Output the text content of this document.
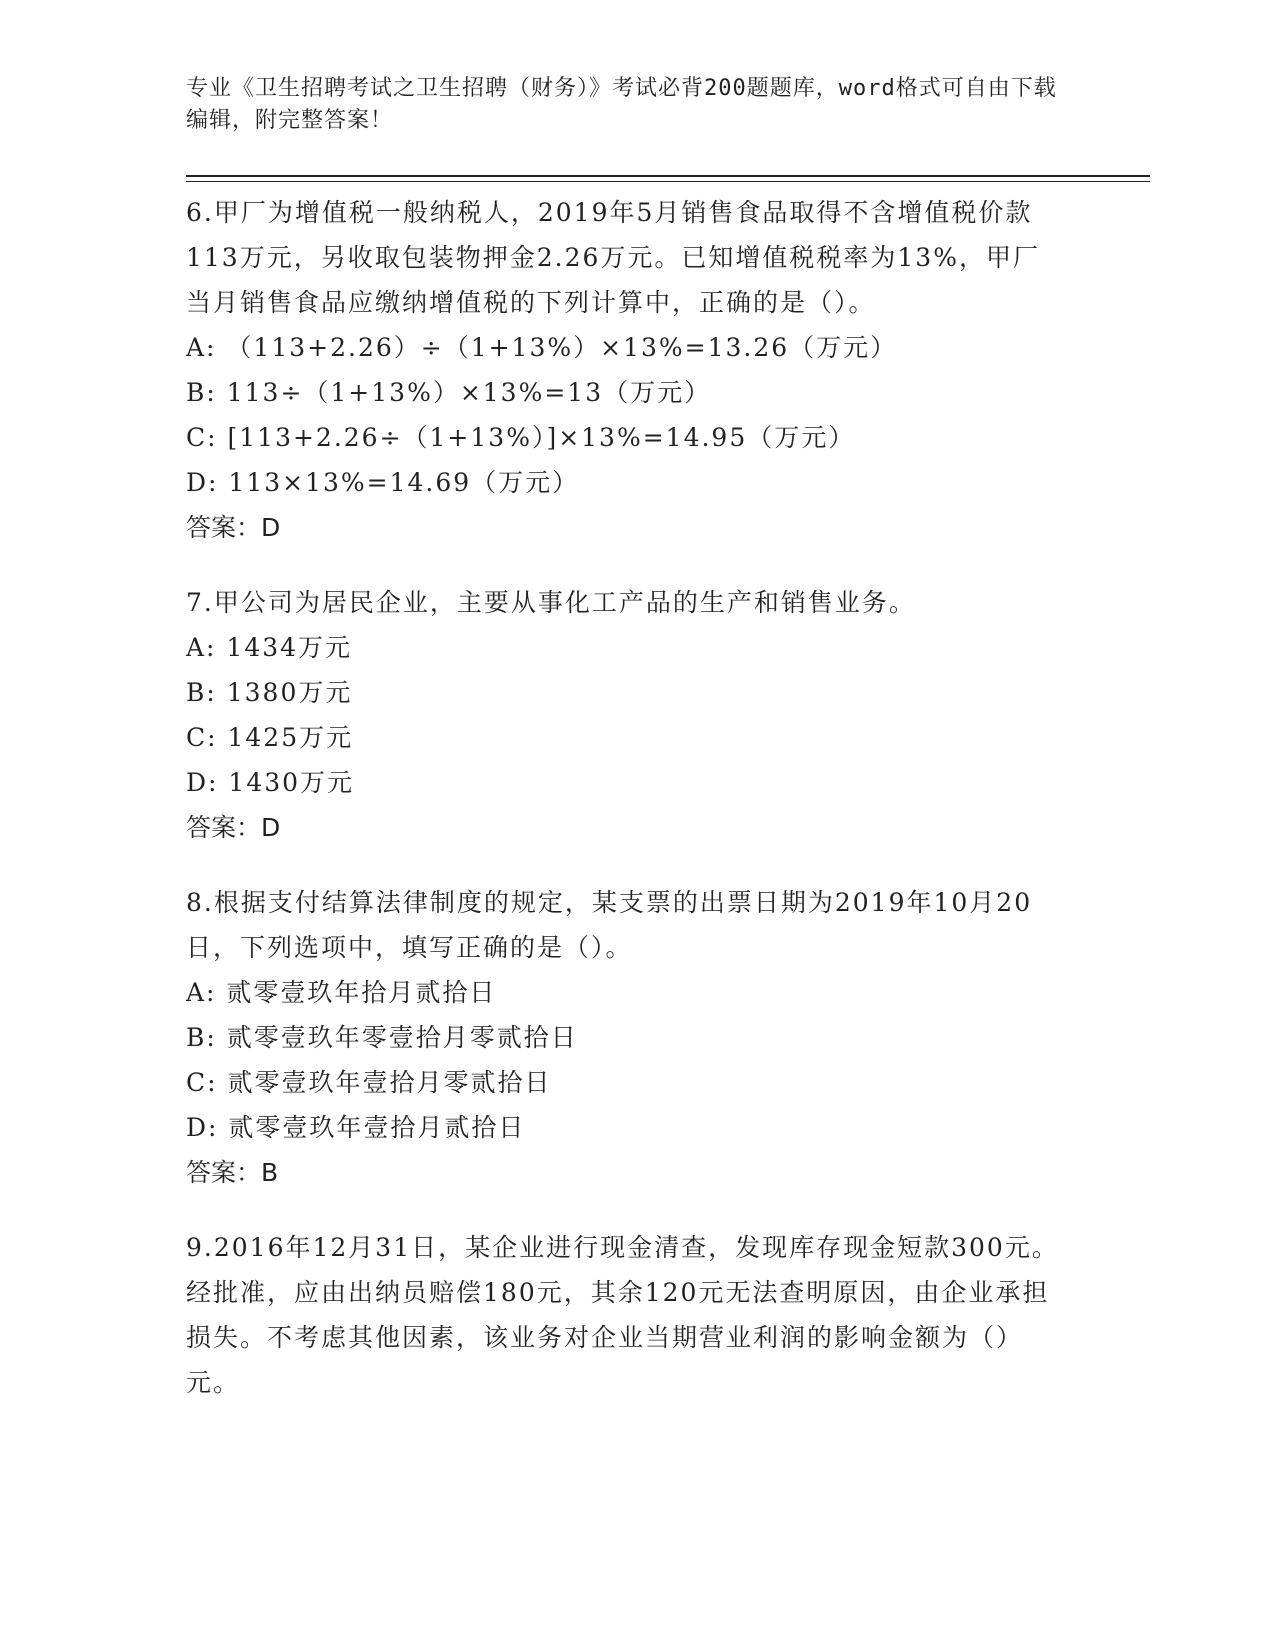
专业《卫生招聘考试之卫生招聘（财务）》考试必背200题题库，word格式可自由下载编辑，附完整答案！
6.甲厂为增值税一般纳税人，2019年5月销售食品取得不含增值税价款113万元，另收取包装物押金2.26万元。已知增值税税率为13%，甲厂当月销售食品应缴纳增值税的下列计算中，正确的是（）。
A: （113+2.26）÷（1+13%）×13%=13.26（万元）
B: 113÷（1+13%）×13%=13（万元）
C: [113+2.26÷（1+13%）]×13%=14.95（万元）
D: 113×13%=14.69（万元）
答案：D
7.甲公司为居民企业，主要从事化工产品的生产和销售业务。
A: 1434万元
B: 1380万元
C: 1425万元
D: 1430万元
答案：D
8.根据支付结算法律制度的规定，某支票的出票日期为2019年10月20日，下列选项中，填写正确的是（）。
A: 贰零壹玖年拾月贰拾日
B: 贰零壹玖年零壹拾月零贰拾日
C: 贰零壹玖年壹拾月零贰拾日
D: 贰零壹玖年壹拾月贰拾日
答案：B
9.2016年12月31日，某企业进行现金清查，发现库存现金短款300元。经批准，应由出纳员赔偿180元，其余120元无法查明原因，由企业承担损失。不考虑其他因素，该业务对企业当期营业利润的影响金额为（）元。
